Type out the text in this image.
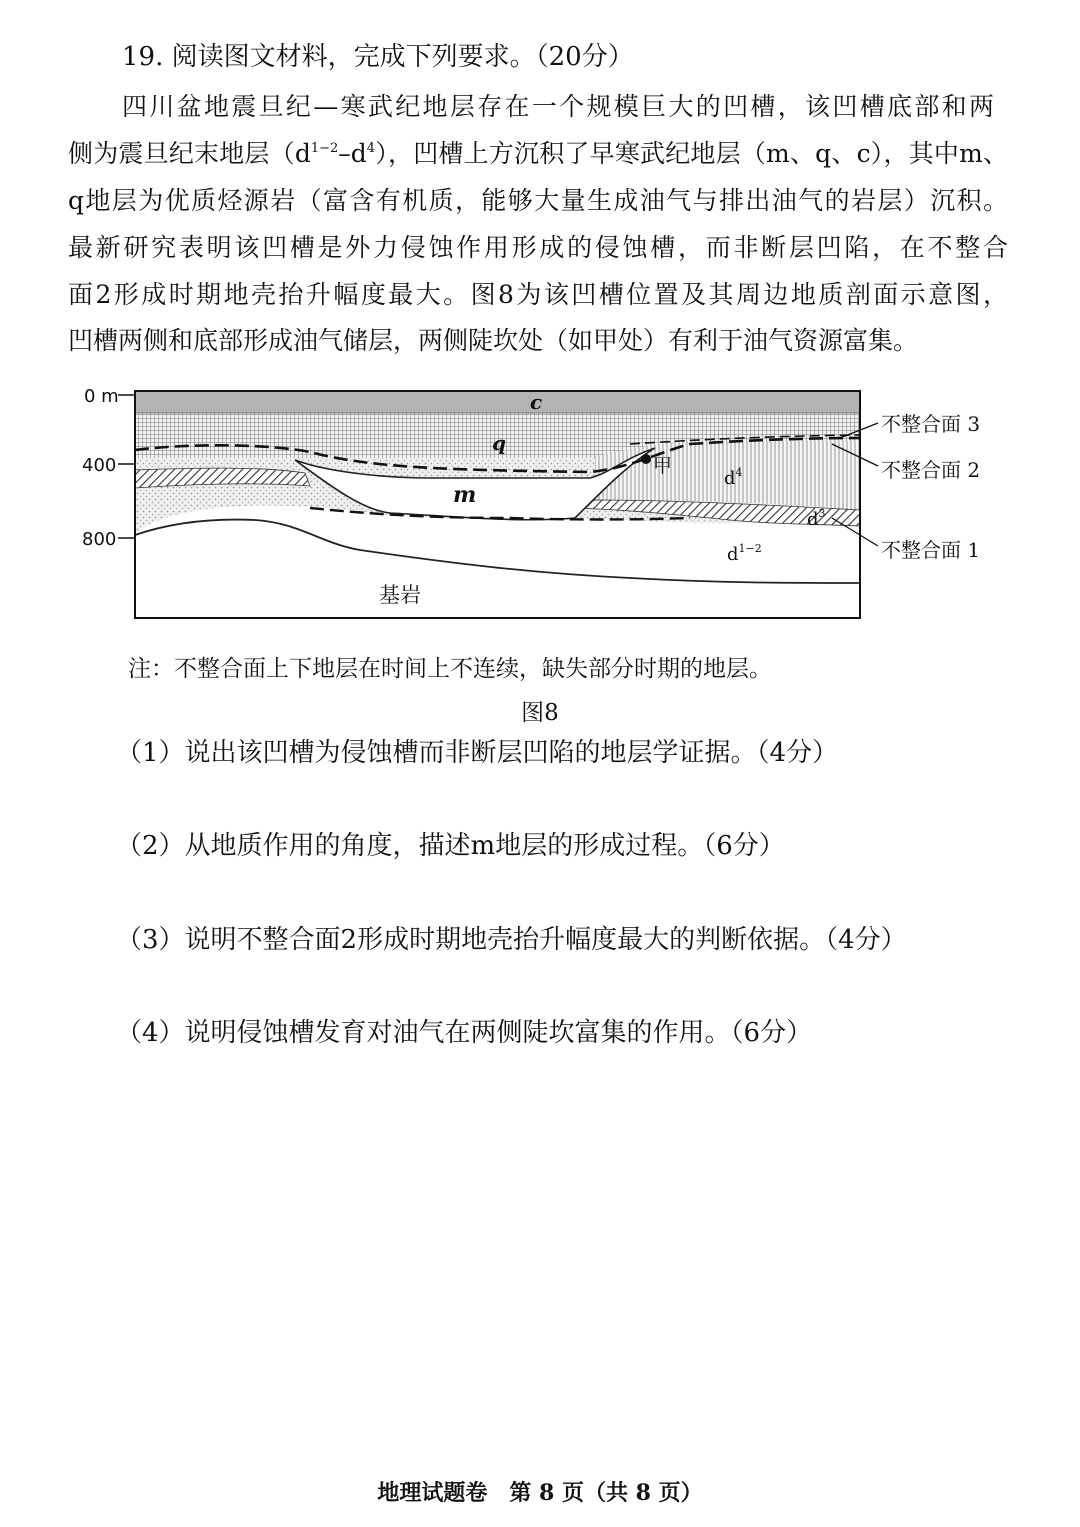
19. 阅读图文材料，完成下列要求。（20分）
四川盆地震旦纪—寒武纪地层存在一个规模巨大的凹槽，该凹槽底部和两
侧为震旦纪末地层$(d^{1-2}-d^4)$，凹槽上方沉积了早寒武纪地层（m、q、c），其中m、
q地层为优质烃源岩（富含有机质，能够大量生成油气与排出油气的岩层）沉积。
最新研究表明该凹槽是外力侵蚀作用形成的侵蚀槽，而非断层凹陷，在不整合
面2形成时期地壳抬升幅度最大。图8为该凹槽位置及其周边地质剖面示意图，
凹槽两侧和底部形成油气储层，两侧陡坎处（如甲处）有利于油气资源富集。
0 m
400
800
c
q
m
$d^4$
$d^3$
$d^{1-2}$
基岩
甲
不整合面 3
不整合面 2
不整合面 1
注：不整合面上下地层在时间上不连续，缺失部分时期的地层。
图8
（1）说出该凹槽为侵蚀槽而非断层凹陷的地层学证据。（4分）
（2）从地质作用的角度，描述m地层的形成过程。（6分）
（3）说明不整合面2形成时期地壳抬升幅度最大的判断依据。（4分）
（4）说明侵蚀槽发育对油气在两侧陡坎富集的作用。（6分）
地理试题卷　第 8 页（共 8 页）
